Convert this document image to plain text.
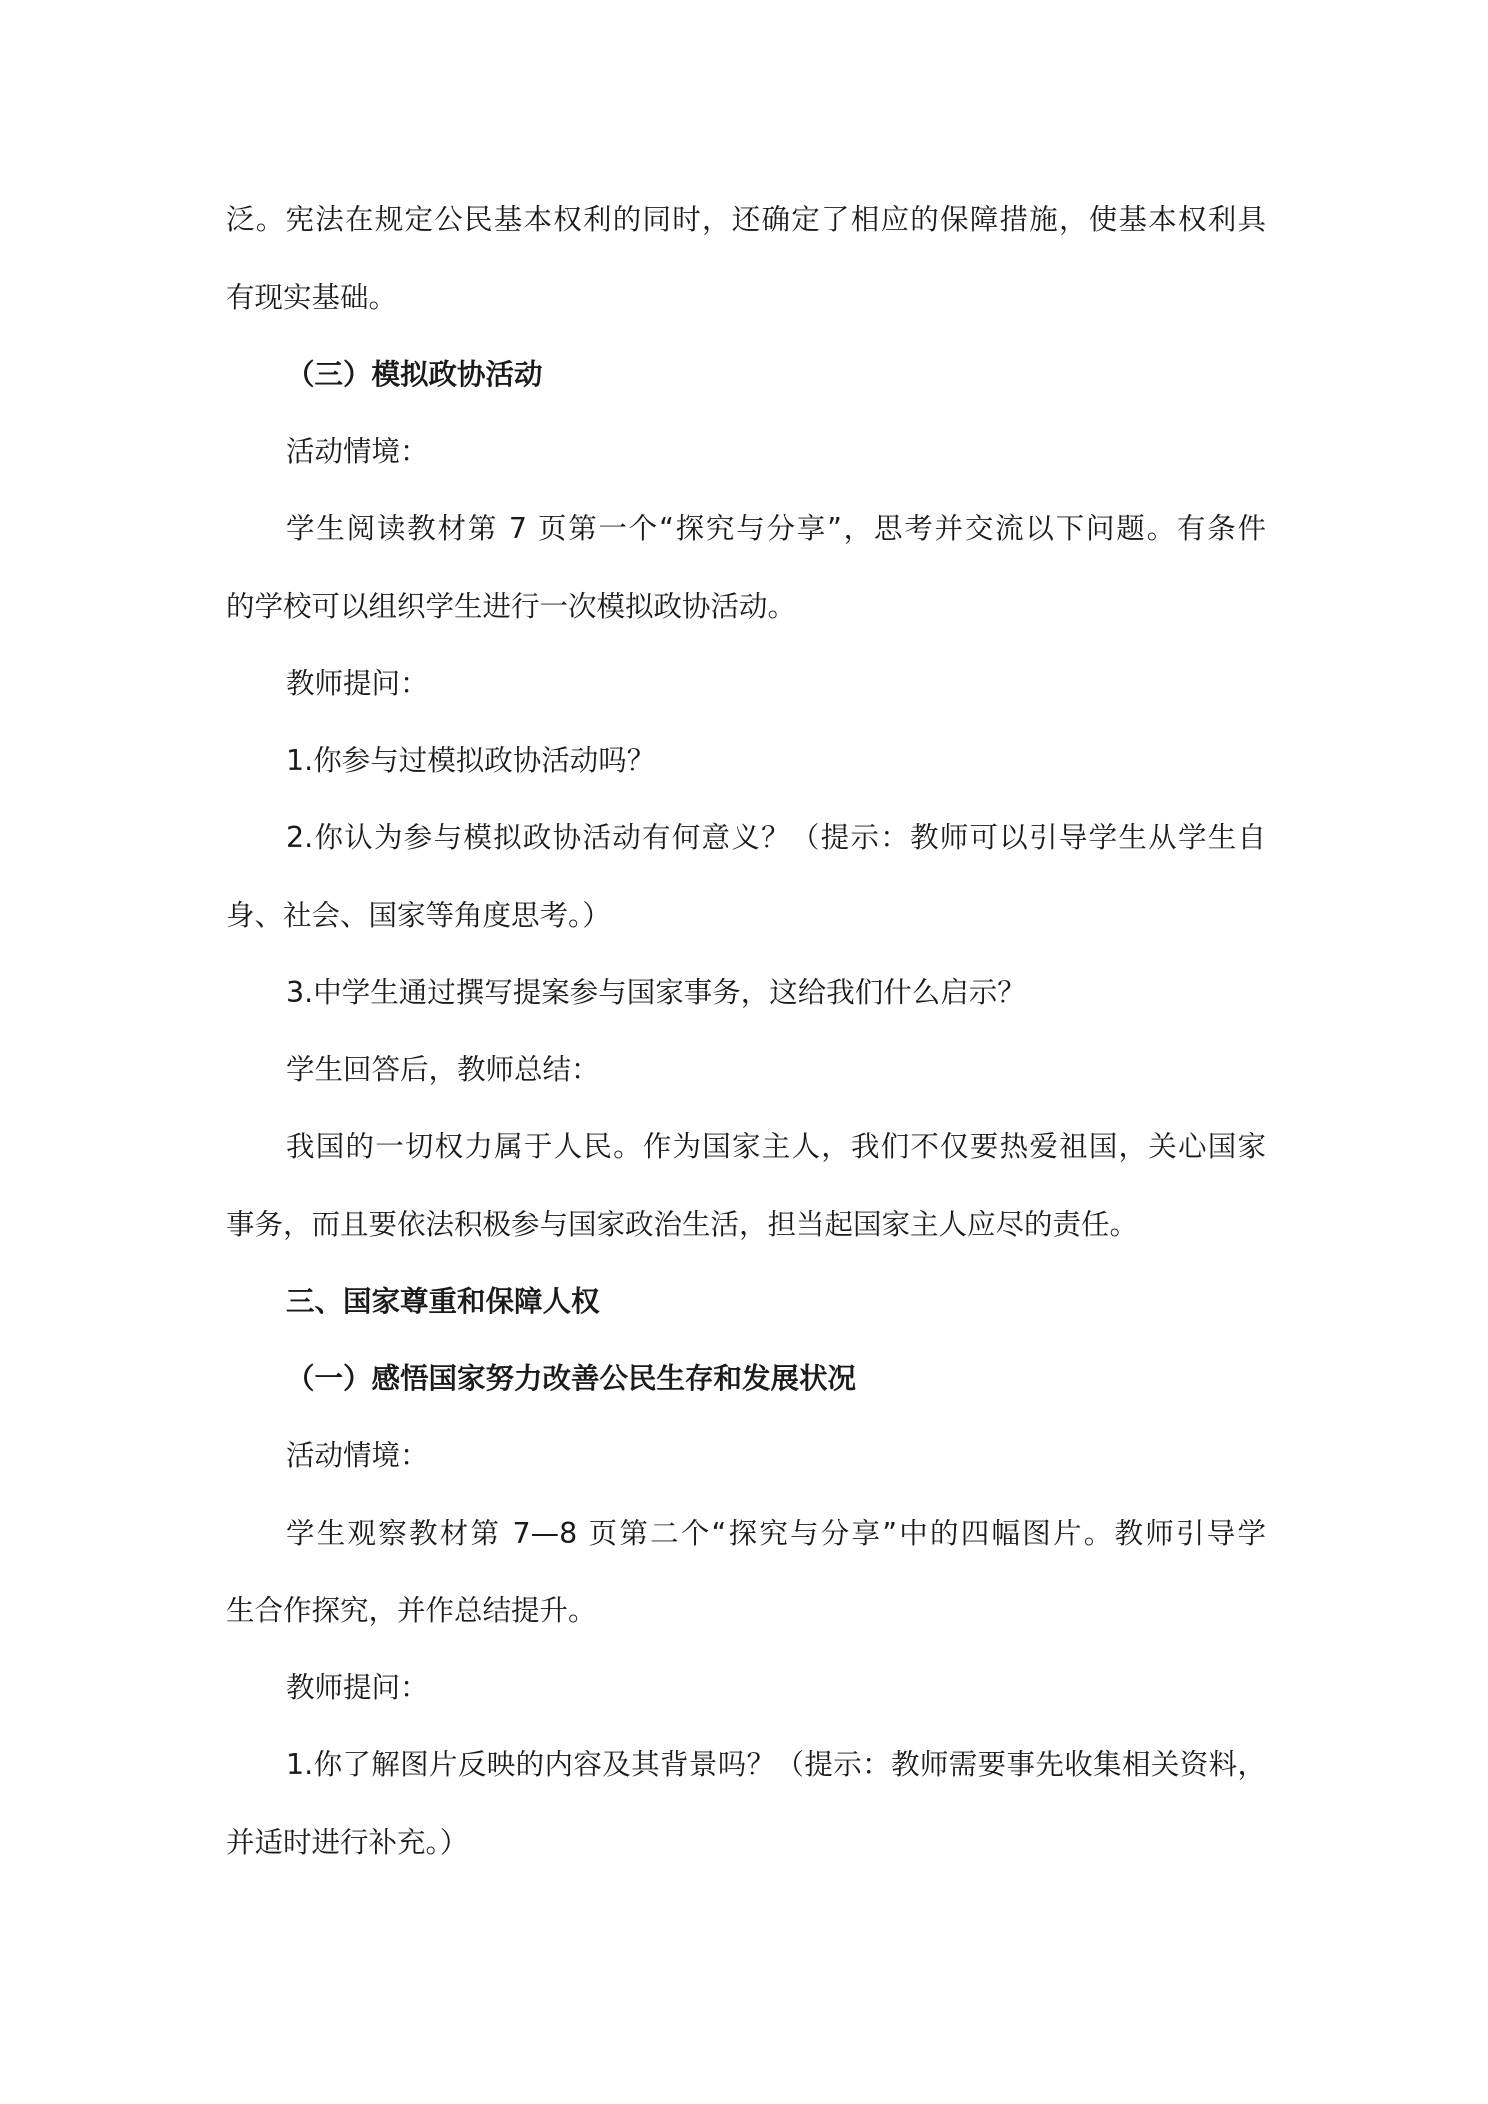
泛。宪法在规定公民基本权利的同时，还确定了相应的保障措施，使基本权利具
有现实基础。
（三）模拟政协活动
活动情境：
学生阅读教材第 7 页第一个“探究与分享”，思考并交流以下问题。有条件
的学校可以组织学生进行一次模拟政协活动。
教师提问：
1.你参与过模拟政协活动吗？
2.你认为参与模拟政协活动有何意义？（提示：教师可以引导学生从学生自
身、社会、国家等角度思考。）
3.中学生通过撰写提案参与国家事务，这给我们什么启示？
学生回答后，教师总结：
我国的一切权力属于人民。作为国家主人，我们不仅要热爱祖国，关心国家
事务，而且要依法积极参与国家政治生活，担当起国家主人应尽的责任。
三、国家尊重和保障人权
（一）感悟国家努力改善公民生存和发展状况
活动情境：
学生观察教材第 7—8 页第二个“探究与分享”中的四幅图片。教师引导学
生合作探究，并作总结提升。
教师提问：
1.你了解图片反映的内容及其背景吗？（提示：教师需要事先收集相关资料，
并适时进行补充。）
